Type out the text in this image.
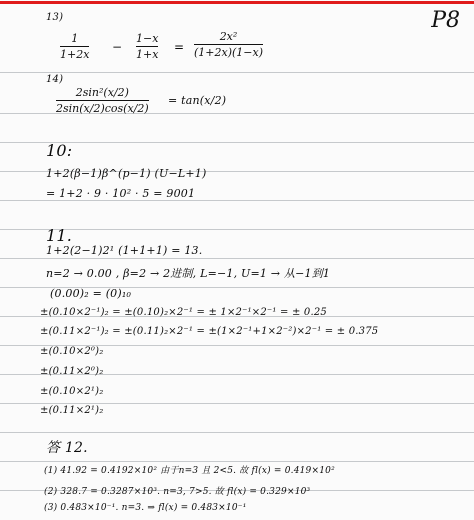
P8
13)
1
1+2x
−
1−x
1+x
=
2x²
(1+2x)(1−x)
14)
2sin²(x/2)
2sin(x/2)cos(x/2)
= tan(x/2)
10:
1+2(β−1)β^(p−1) (U−L+1)
= 1+2 · 9 · 10² · 5 = 9001
11.
1+2(2−1)2¹ (1+1+1) = 13.
n=2 → 0.00 , β=2 → 2进制, L=−1, U=1 → 从−1到1
(0.00)₂ = (0)₁₀
±(0.10×2⁻¹)₂ = ±(0.10)₂×2⁻¹ = ± 1×2⁻¹×2⁻¹ = ± 0.25
±(0.11×2⁻¹)₂ = ±(0.11)₂×2⁻¹ = ±(1×2⁻¹+1×2⁻²)×2⁻¹ = ± 0.375
±(0.10×2⁰)₂
±(0.11×2⁰)₂
±(0.10×2¹)₂
±(0.11×2¹)₂
答 12.
(1) 41.92 = 0.4192×10² 由于n=3 且 2<5. 故 fl(x) = 0.419×10²
(2) 328.7 = 0.3287×10³. n=3, 7>5. 故 fl(x) = 0.329×10³
(3) 0.483×10⁻¹. n=3. ⇒ fl(x) = 0.483×10⁻¹
